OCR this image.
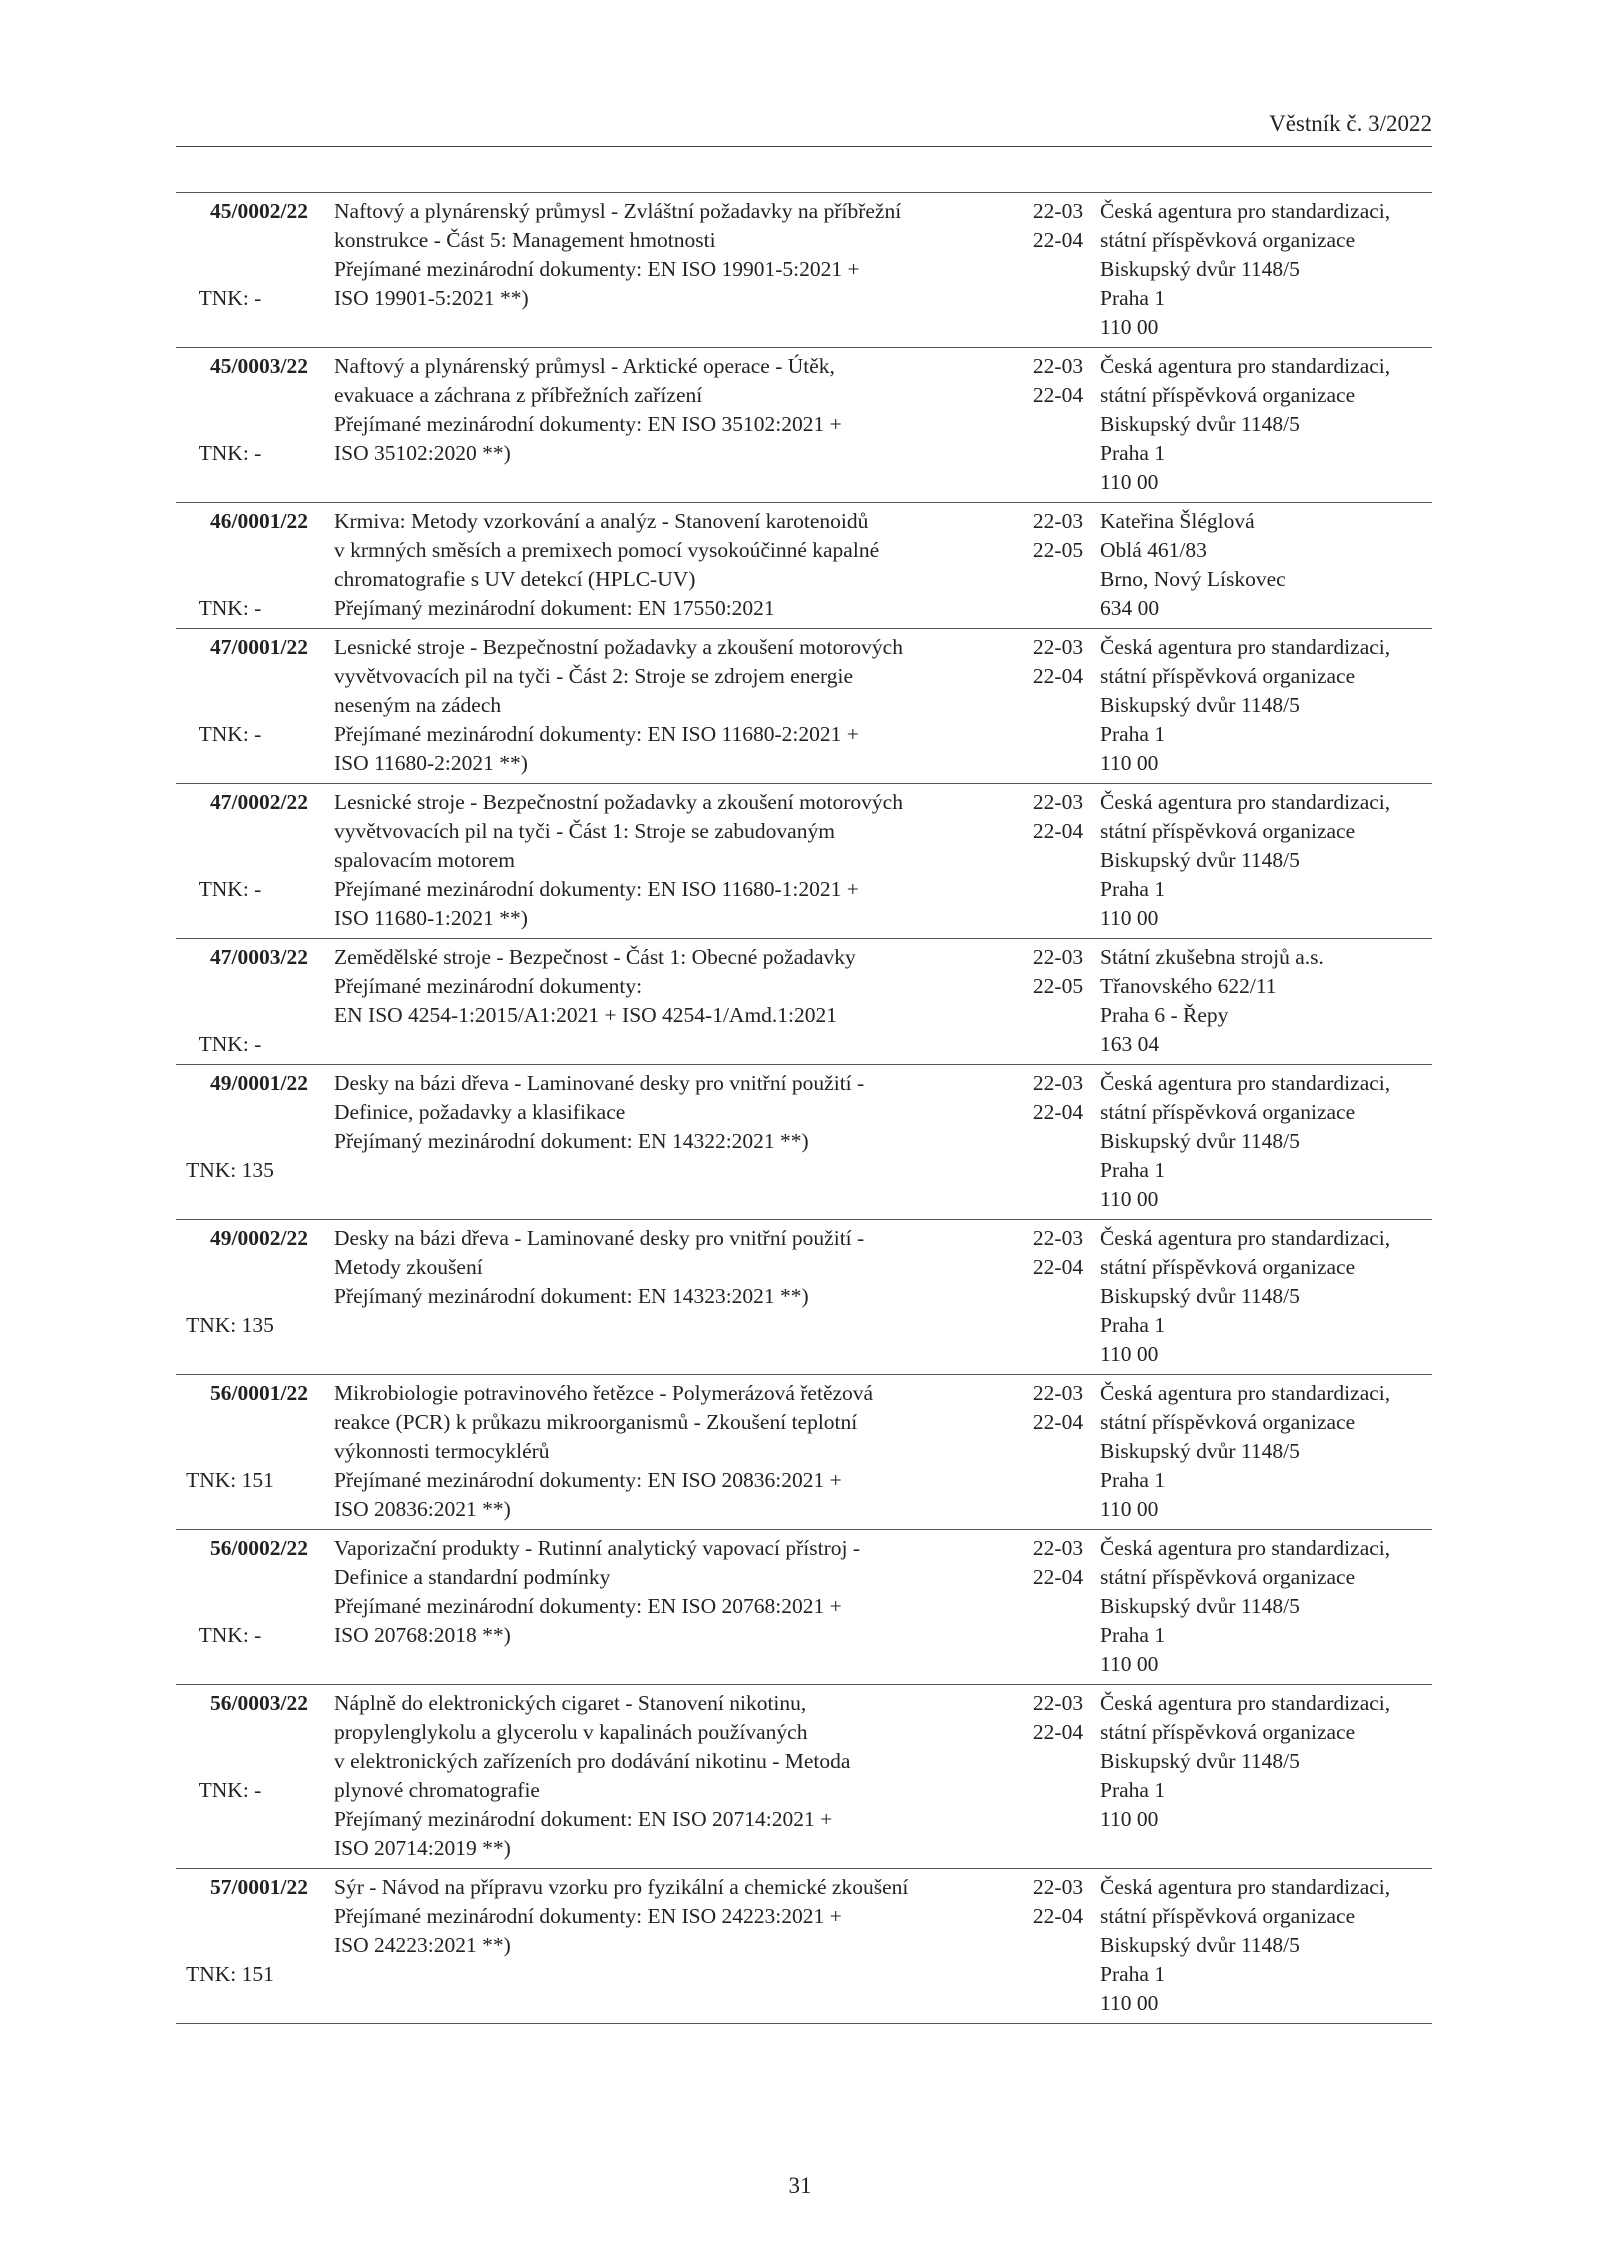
Věstník č. 3/2022
45/0002/22
TNK: -
Naftový a plynárenský průmysl - Zvláštní požadavky na příbřežní
konstrukce - Část 5: Management hmotnosti
Přejímané mezinárodní dokumenty: EN ISO 19901-5:2021 +
ISO 19901-5:2021 **)
22-03
22-04
Česká agentura pro standardizaci,
státní příspěvková organizace
Biskupský dvůr 1148/5
Praha 1
110 00
45/0003/22
TNK: -
Naftový a plynárenský průmysl - Arktické operace - Útěk,
evakuace a záchrana z příbřežních zařízení
Přejímané mezinárodní dokumenty: EN ISO 35102:2021 +
ISO 35102:2020 **)
22-03
22-04
Česká agentura pro standardizaci,
státní příspěvková organizace
Biskupský dvůr 1148/5
Praha 1
110 00
46/0001/22
TNK: -
Krmiva: Metody vzorkování a analýz - Stanovení karotenoidů
v krmných směsích a premixech pomocí vysokoúčinné kapalné
chromatografie s UV detekcí (HPLC-UV)
Přejímaný mezinárodní dokument: EN 17550:2021
22-03
22-05
Kateřina Šléglová
Oblá 461/83
Brno, Nový Lískovec
634 00
47/0001/22
TNK: -
Lesnické stroje - Bezpečnostní požadavky a zkoušení motorových
vyvětvovacích pil na tyči - Část 2: Stroje se zdrojem energie
neseným na zádech
Přejímané mezinárodní dokumenty: EN ISO 11680-2:2021 +
ISO 11680-2:2021 **)
22-03
22-04
Česká agentura pro standardizaci,
státní příspěvková organizace
Biskupský dvůr 1148/5
Praha 1
110 00
47/0002/22
TNK: -
Lesnické stroje - Bezpečnostní požadavky a zkoušení motorových
vyvětvovacích pil na tyči - Část 1: Stroje se zabudovaným
spalovacím motorem
Přejímané mezinárodní dokumenty: EN ISO 11680-1:2021 +
ISO 11680-1:2021 **)
22-03
22-04
Česká agentura pro standardizaci,
státní příspěvková organizace
Biskupský dvůr 1148/5
Praha 1
110 00
47/0003/22
TNK: -
Zemědělské stroje - Bezpečnost - Část 1: Obecné požadavky
Přejímané mezinárodní dokumenty:
EN ISO 4254-1:2015/A1:2021 + ISO 4254-1/Amd.1:2021
22-03
22-05
Státní zkušebna strojů a.s.
Třanovského 622/11
Praha 6 - Řepy
163 04
49/0001/22
TNK: 135
Desky na bázi dřeva - Laminované desky pro vnitřní použití -
Definice, požadavky a klasifikace
Přejímaný mezinárodní dokument: EN 14322:2021 **)
22-03
22-04
Česká agentura pro standardizaci,
státní příspěvková organizace
Biskupský dvůr 1148/5
Praha 1
110 00
49/0002/22
TNK: 135
Desky na bázi dřeva - Laminované desky pro vnitřní použití -
Metody zkoušení
Přejímaný mezinárodní dokument: EN 14323:2021 **)
22-03
22-04
Česká agentura pro standardizaci,
státní příspěvková organizace
Biskupský dvůr 1148/5
Praha 1
110 00
56/0001/22
TNK: 151
Mikrobiologie potravinového řetězce - Polymerázová řetězová
reakce (PCR) k průkazu mikroorganismů - Zkoušení teplotní
výkonnosti termocyklérů
Přejímané mezinárodní dokumenty: EN ISO 20836:2021 +
ISO 20836:2021 **)
22-03
22-04
Česká agentura pro standardizaci,
státní příspěvková organizace
Biskupský dvůr 1148/5
Praha 1
110 00
56/0002/22
TNK: -
Vaporizační produkty - Rutinní analytický vapovací přístroj -
Definice a standardní podmínky
Přejímané mezinárodní dokumenty: EN ISO 20768:2021 +
ISO 20768:2018 **)
22-03
22-04
Česká agentura pro standardizaci,
státní příspěvková organizace
Biskupský dvůr 1148/5
Praha 1
110 00
56/0003/22
TNK: -
Náplně do elektronických cigaret - Stanovení nikotinu,
propylenglykolu a glycerolu v kapalinách používaných
v elektronických zařízeních pro dodávání nikotinu - Metoda
plynové chromatografie
Přejímaný mezinárodní dokument: EN ISO 20714:2021 +
ISO 20714:2019 **)
22-03
22-04
Česká agentura pro standardizaci,
státní příspěvková organizace
Biskupský dvůr 1148/5
Praha 1
110 00
57/0001/22
TNK: 151
Sýr - Návod na přípravu vzorku pro fyzikální a chemické zkoušení
Přejímané mezinárodní dokumenty: EN ISO 24223:2021 +
ISO 24223:2021 **)
22-03
22-04
Česká agentura pro standardizaci,
státní příspěvková organizace
Biskupský dvůr 1148/5
Praha 1
110 00
31
